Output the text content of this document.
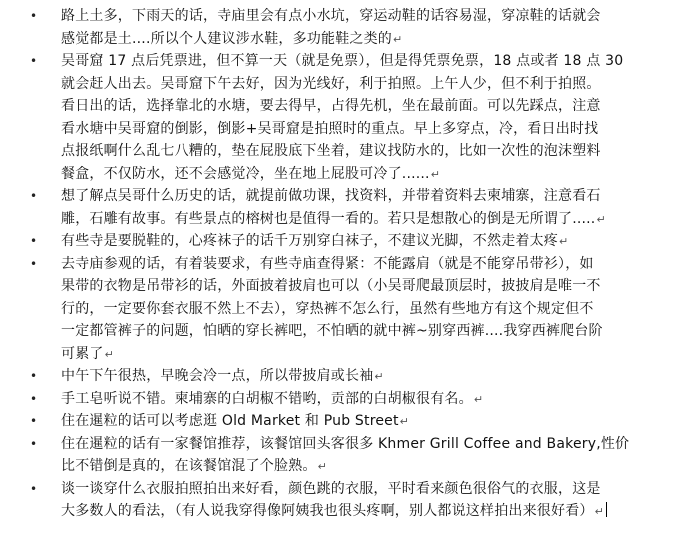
• 路上土多，下雨天的话，寺庙里会有点小水坑，穿运动鞋的话容易湿，穿凉鞋的话就会
感觉都是土....所以个人建议涉水鞋，多功能鞋之类的↵
• 吴哥窟 17 点后凭票进，但不算一天（就是免票），但是得凭票免票，18 点或者 18 点 30
就会赶人出去。吴哥窟下午去好，因为光线好，利于拍照。上午人少，但不利于拍照。
看日出的话，选择靠北的水塘，要去得早，占得先机，坐在最前面。可以先踩点，注意
看水塘中吴哥窟的倒影，倒影+吴哥窟是拍照时的重点。早上多穿点，冷，看日出时找
点报纸啊什么乱七八糟的，垫在屁股底下坐着，建议找防水的，比如一次性的泡沫塑料
餐盒，不仅防水，还不会感觉冷，坐在地上屁股可冷了......↵
• 想了解点吴哥什么历史的话，就提前做功课，找资料，并带着资料去柬埔寨，注意看石
雕，石雕有故事。有些景点的榕树也是值得一看的。若只是想散心的倒是无所谓了.....↵
• 有些寺是要脱鞋的，心疼袜子的话千万别穿白袜子，不建议光脚，不然走着太疼↵
• 去寺庙参观的话，有着装要求，有些寺庙查得紧：不能露肩（就是不能穿吊带衫），如
果带的衣物是吊带衫的话，外面披着披肩也可以（小吴哥爬最顶层时，披披肩是唯一不
行的，一定要你套衣服不然上不去），穿热裤不怎么行，虽然有些地方有这个规定但不
一定都管裤子的问题，怕晒的穿长裤吧，不怕晒的就中裤~别穿西裤....我穿西裤爬台阶
可累了↵
• 中午下午很热，早晚会冷一点，所以带披肩或长袖↵
• 手工皂听说不错。柬埔寨的白胡椒不错哟，贡部的白胡椒很有名。↵
• 住在暹粒的话可以考虑逛 Old Market 和 Pub Street↵
• 住在暹粒的话有一家餐馆推荐，该餐馆回头客很多 Khmer Grill Coffee and Bakery,性价
比不错倒是真的，在该餐馆混了个脸熟。↵
• 谈一谈穿什么衣服拍照拍出来好看，颜色跳的衣服，平时看来颜色很俗气的衣服，这是
大多数人的看法，（有人说我穿得像阿姨我也很头疼啊，别人都说这样拍出来很好看）↵
